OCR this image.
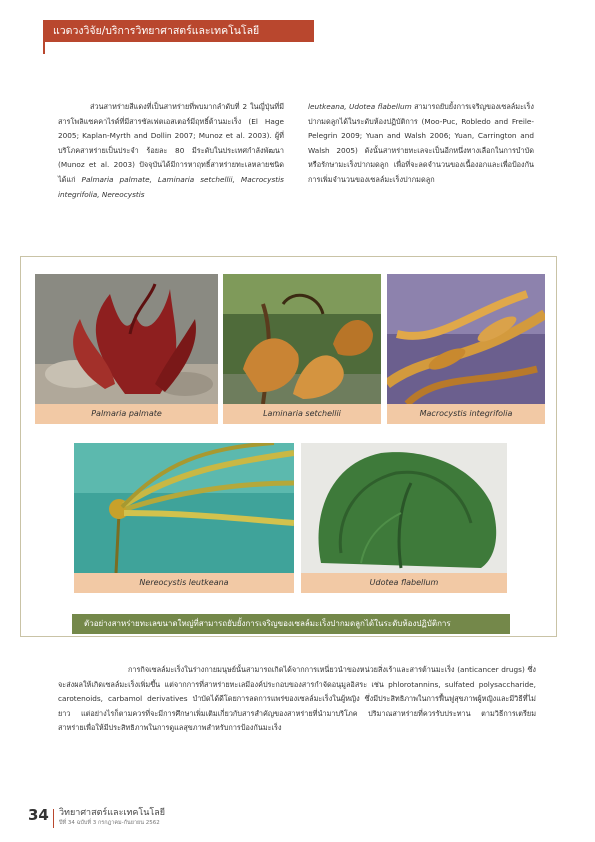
แวดวงวิจัย/บริการวิทยาศาสตร์และเทคโนโลยี

ส่วนสาหร่ายสีแดงที่เป็นสาหร่ายที่พบมากลำดับที่ 2 ในญี่ปุ่นที่มีสารโพลิแซคคาไรด์ที่มีสารซัลเฟตเอสเตอร์มีฤทธิ์ต้านมะเร็ง (El Hage 2005; Kaplan-Myrth and Dollin 2007; Munoz et al. 2003). ผู้ที่บริโภคสาหร่ายเป็นประจำ ร้อยละ 80 มีระดับในประเทศกำลังพัฒนา (Munoz et al. 2003) ปัจจุบันได้มีการหาฤทธิ์สาหร่ายทะเลหลายชนิด ได้แก่ Palmaria palmate, Laminaria setchellii, Macrocystis integrifolia, Nereocystis

leutkeana, Udotea flabellum สามารถยับยั้งการเจริญของเซลล์มะเร็งปากมดลูกได้ในระดับห้องปฏิบัติการ (Moo-Puc, Robledo and Freile-Pelegrin 2009; Yuan and Walsh 2006; Yuan, Carrington and Walsh 2005) ดังนั้นสาหร่ายทะเลจะเป็นอีกหนึ่งทางเลือกในการบำบัดหรือรักษามะเร็งปากมดลูก เพื่อที่จะลดจำนวนของเนื้องอกและเพื่อป้องกันการเพิ่มจำนวนของเซลล์มะเร็งปากมดลูก

Palmaria palmate	Laminaria setchellii	Macrocystis integrifolia
Nereocystis leutkeana	Udotea flabellum
ตัวอย่างสาหร่ายทะเลขนาดใหญ่ที่สามารถยับยั้งการเจริญของเซลล์มะเร็งปากมดลูกได้ในระดับห้องปฏิบัติการ
การกิจเซลล์มะเร็งในร่างกายมนุษย์นั้นสามารถเกิดได้จากการเหนี่ยวนำของหน่วยสิ่งเร้าและสารต้านมะเร็ง (anticancer drugs) ซึ่งจะส่งผลให้เกิดเซลล์มะเร็งเพิ่มขึ้น แต่จากการที่สาหร่ายทะเลมีองค์ประกอบของสารกำจัดอนุมูลอิสระ เช่น phlorotannins, sulfated polysaccharide, carotenoids, carbamol derivatives บำบัดได้ดีโดยการลดการแพร่ของเซลล์มะเร็งในผู้หญิง ซึ่งมีประสิทธิภาพในการฟื้นฟูสุขภาพผู้หญิงและมีวิธีที่ไม่ยาว แต่อย่างไรก็ตามควรที่จะมีการศึกษาเพิ่มเติมเกี่ยวกับสารสำคัญของสาหร่ายที่นำมาบริโภค ปริมาณสาหร่ายที่ควรรับประทาน ตามวิธีการเตรียมสาหร่ายเพื่อให้มีประสิทธิภาพในการดูแลสุขภาพสำหรับการป้องกันมะเร็ง
34 วิทยาศาสตร์และเทคโนโลยี
ปีที่ 34 ฉบับที่ 3 กรกฎาคม-กันยายน 2562
